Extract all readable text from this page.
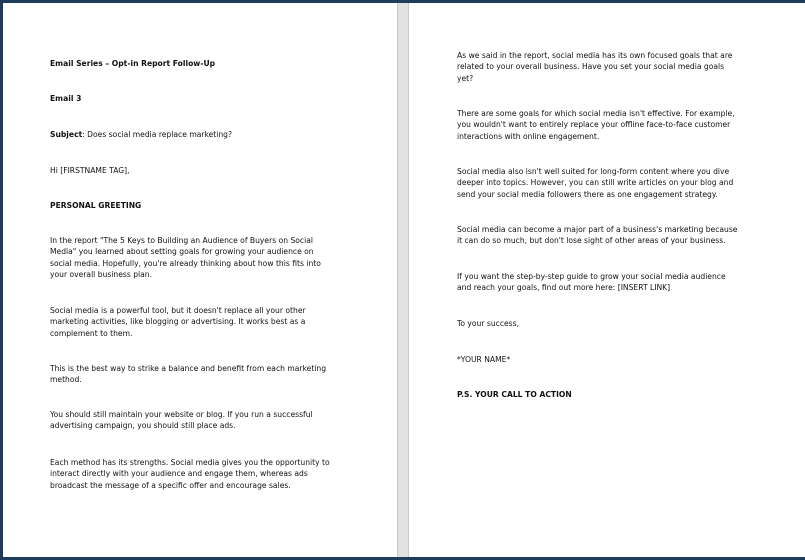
Email Series – Opt-in Report Follow-Up

Email 3

Subject: Does social media replace marketing?

Hi [FIRSTNAME TAG],

PERSONAL GREETING

In the report "The 5 Keys to Building an Audience of Buyers on Social
Media" you learned about setting goals for growing your audience on
social media. Hopefully, you're already thinking about how this fits into
your overall business plan.

Social media is a powerful tool, but it doesn't replace all your other
marketing activities, like blogging or advertising. It works best as a
complement to them.

This is the best way to strike a balance and benefit from each marketing
method.

You should still maintain your website or blog. If you run a successful
advertising campaign, you should still place ads.

Each method has its strengths. Social media gives you the opportunity to
interact directly with your audience and engage them, whereas ads
broadcast the message of a specific offer and encourage sales.

As we said in the report, social media has its own focused goals that are
related to your overall business. Have you set your social media goals
yet?

There are some goals for which social media isn't effective. For example,
you wouldn't want to entirely replace your offline face-to-face customer
interactions with online engagement.

Social media also isn't well suited for long-form content where you dive
deeper into topics. However, you can still write articles on your blog and
send your social media followers there as one engagement strategy.

Social media can become a major part of a business's marketing because
it can do so much, but don't lose sight of other areas of your business.

If you want the step-by-step guide to grow your social media audience
and reach your goals, find out more here: [INSERT LINK]

To your success,

*YOUR NAME*

P.S. YOUR CALL TO ACTION
